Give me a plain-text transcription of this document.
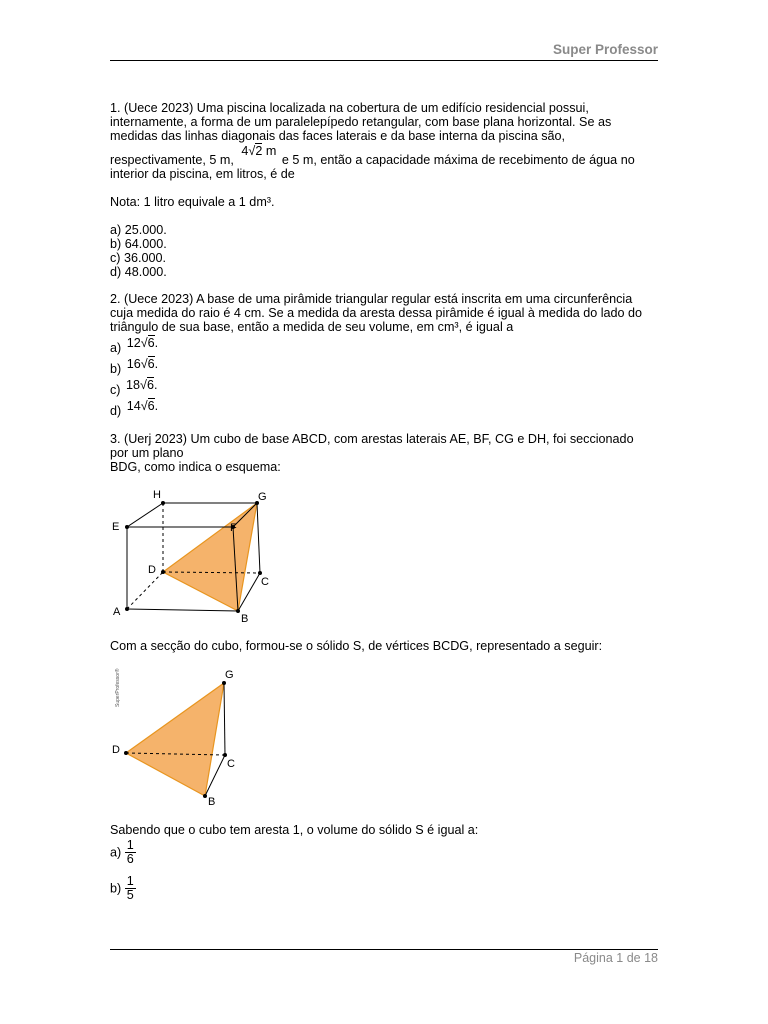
Super Professor
1. (Uece 2023) Uma piscina localizada na cobertura de um edifício residencial possui,
internamente, a forma de um paralelepípedo retangular, com base plana horizontal. Se as
medidas das linhas diagonais das faces laterais e da base interna da piscina são,
respectivamente, 5 m, 4√2 m e 5 m, então a capacidade máxima de recebimento de água no
interior da piscina, em litros, é de
Nota: 1 litro equivale a 1 dm³.
a) 25.000.
b) 64.000.
c) 36.000.
d) 48.000.
2. (Uece 2023) A base de uma pirâmide triangular regular está inscrita em uma circunferência
cuja medida do raio é 4 cm. Se a medida da aresta dessa pirâmide é igual à medida do lado do
triângulo de sua base, então a medida de seu volume, em cm³, é igual a
a) 12√6.
b) 16√6.
c) 18√6.
d) 14√6.
3. (Uerj 2023) Um cubo de base ABCD, com arestas laterais AE, BF, CG e DH, foi seccionado
por um plano
BDG, como indica o esquema:
H	G
E	F
D
C
A
B
Com a secção do cubo, formou-se o sólido S, de vértices BCDG, representado a seguir:
SuperProfessor®	G
D
C
B
Sabendo que o cubo tem aresta 1, o volume do sólido S é igual a:
$a) \frac{1}{6}$
$b) \frac{1}{5}$
Página 1 de 18
